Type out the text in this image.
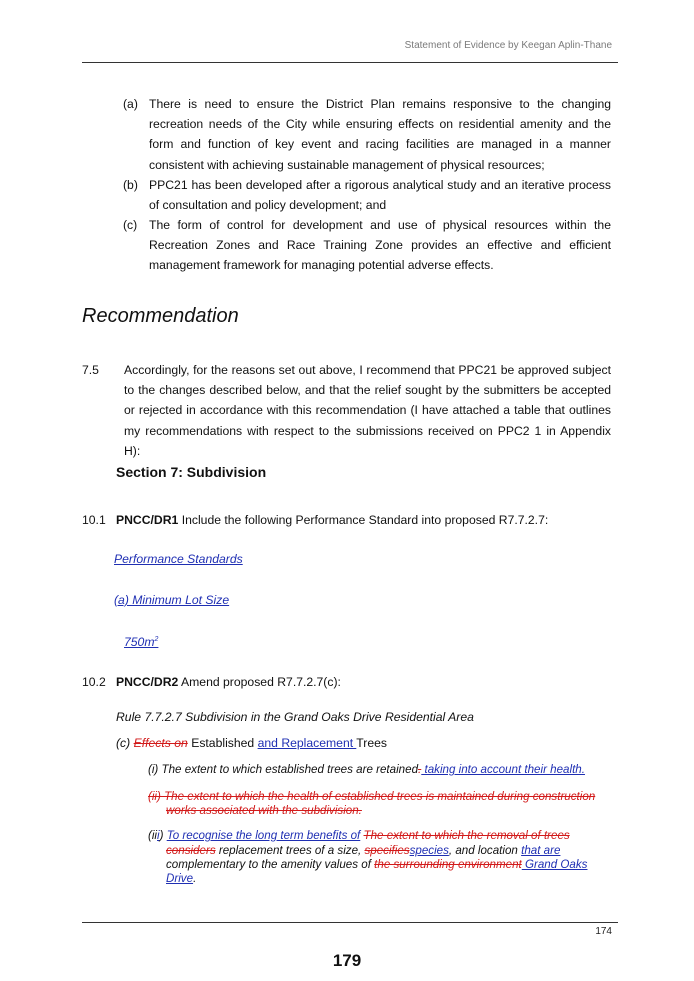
Statement of Evidence by Keegan Aplin-Thane
(a) There is need to ensure the District Plan remains responsive to the changing recreation needs of the City while ensuring effects on residential amenity and the form and function of key event and racing facilities are managed in a manner consistent with achieving sustainable management of physical resources;
(b) PPC21 has been developed after a rigorous analytical study and an iterative process of consultation and policy development; and
(c) The form of control for development and use of physical resources within the Recreation Zones and Race Training Zone provides an effective and efficient management framework for managing potential adverse effects.
Recommendation
7.5 Accordingly, for the reasons set out above, I recommend that PPC21 be approved subject to the changes described below, and that the relief sought by the submitters be accepted or rejected in accordance with this recommendation (I have attached a table that outlines my recommendations with respect to the submissions received on PPC2 1 in Appendix H):
Section 7: Subdivision
10.1 PNCC/DR1 Include the following Performance Standard into proposed R7.7.2.7:
Performance Standards
(a) Minimum Lot Size
$750m^2$
10.2 PNCC/DR2 Amend proposed R7.7.2.7(c):
Rule 7.7.2.7 Subdivision in the Grand Oaks Drive Residential Area
(c) Effects on Established and Replacement Trees
(i) The extent to which established trees are retained. taking into account their health.
(ii) The extent to which the health of established trees is maintained during construction
works associated with the subdivision.
(iii) To recognise the long term benefits of The extent to which the removal of trees
considers replacement trees of a size, specifiesspecies, and location that are
complementary to the amenity values of the surrounding environment Grand Oaks
Drive.
174
179
